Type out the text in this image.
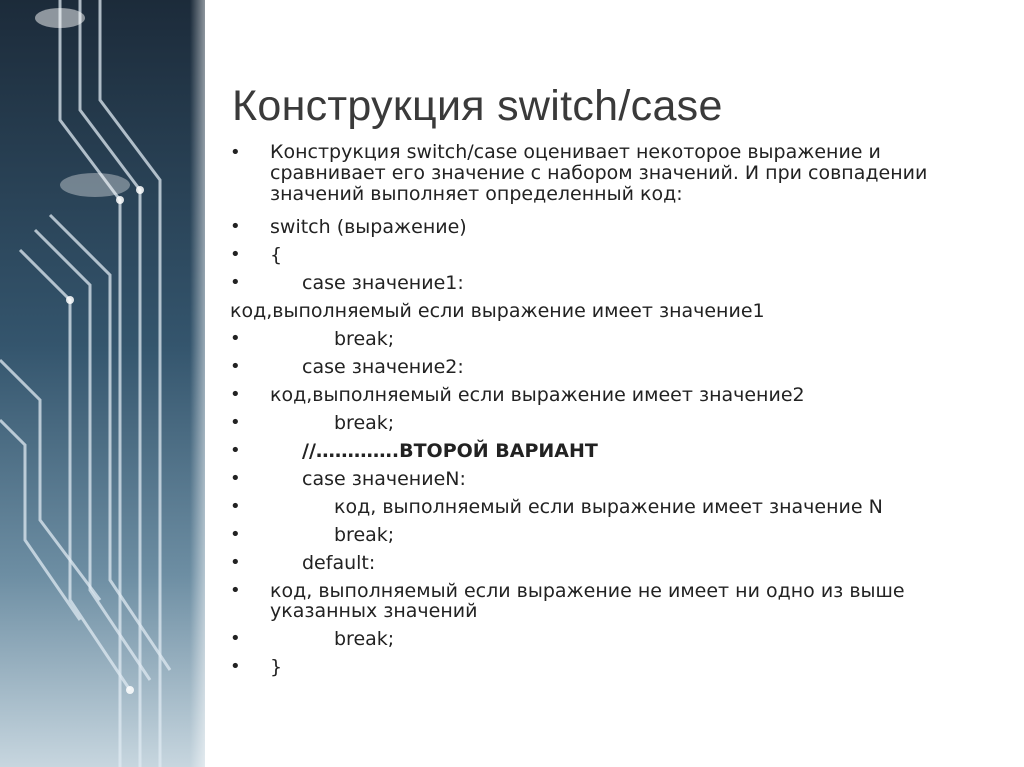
Конструкция switch/case
•	Конструкция switch/case оценивает некоторое выражение и сравнивает его значение с набором значений. И при совпадении значений выполняет определенный код:
•	switch (выражение)
•	{
•	case значение1:
код,выполняемый если выражение имеет значение1
•	break;
•	case значение2:
•	код,выполняемый если выражение имеет значение2
•	break;
•	//………….ВТОРОЙ ВАРИАНТ
•	case значениеN:
•	код, выполняемый если выражение имеет значение N
•	break;
•	default:
•	код, выполняемый если выражение не имеет ни одно из выше указанных значений
•	break;
•	}
